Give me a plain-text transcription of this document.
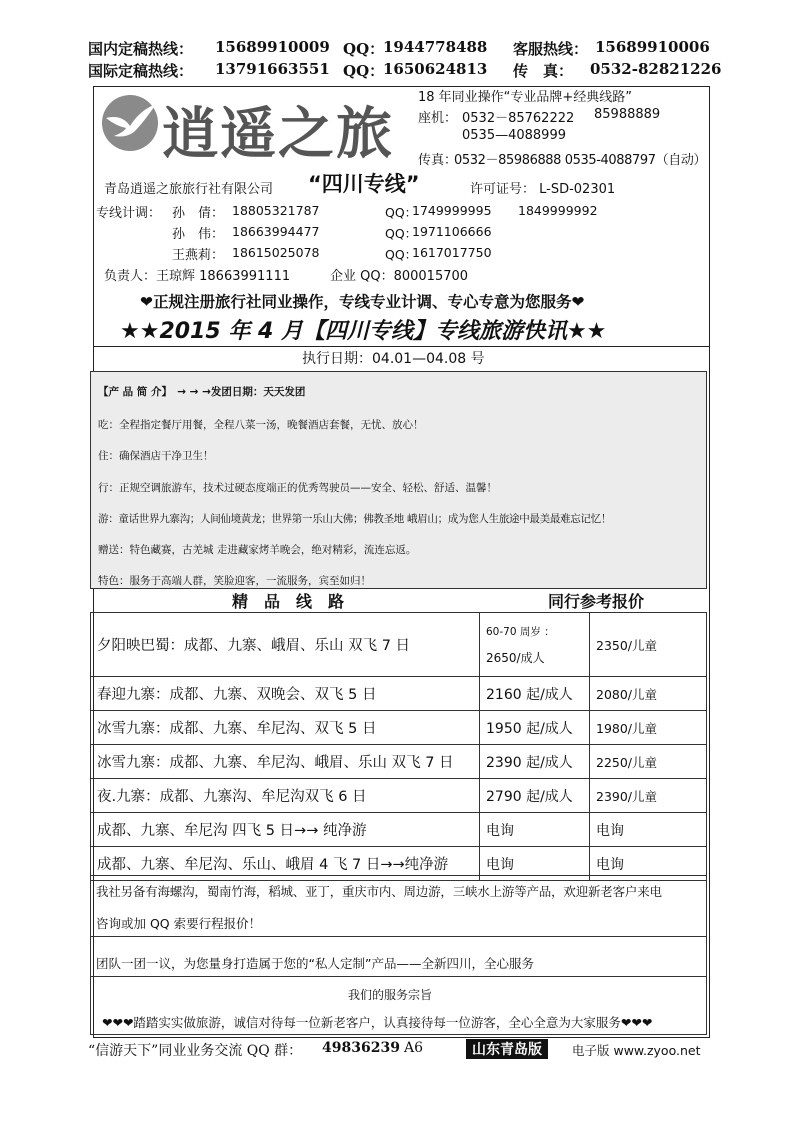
国内定稿热线： 15689910009 QQ：
1944778488 客服热线： 15689910006
国际定稿热线： 13791663551 QQ：
1650624813 传　真： 0532-82821226
逍遥之旅
18 年同业操作“专业品牌+经典线路”
座机： 0532－85762222 85988889
0535—4088999
传真：
0532－85986888 0535-4088797（自动）
青岛逍遥之旅旅行社有限公司 “四川专线”	许可证号： L-SD-02301
专线计调： 孙　倩： 18805321787	QQ：
1749999995 1849999992
孙　伟： 18663994477	QQ：
1971106666
王燕莉： 18615025078	QQ：
1617017750
负责人：王琼辉 18663991111	企业 QQ：800015700
❤正规注册旅行社同业操作，专线专业计调、专心专意为您服务❤
★★2015 年 4 月【四川专线】专线旅游快讯★★
执行日期：04.01—04.08 号
【产 品 简 介】　→ → →发团日期：天天发团
吃：全程指定餐厅用餐，全程八菜一汤，晚餐酒店套餐，无忧、放心！
住：确保酒店干净卫生！
行：正规空调旅游车，技术过硬态度端正的优秀驾驶员——安全、轻松、舒适、温馨！
游：童话世界九寨沟；人间仙境黄龙；世界第一乐山大佛；佛教圣地 峨眉山；成为您人生旅途中最美最难忘记忆！
赠送：特色藏赛，古羌城 走进藏家烤羊晚会，绝对精彩，流连忘返。
特色：服务于高端人群，笑脸迎客，一流服务，宾至如归！
精　品　线　路	同行参考报价	
夕阳映巴蜀：成都、九寨、峨眉、乐山 双飞 7 日	60-70 周岁 ：
2650/成人	2350/儿童
春迎九寨：成都、九寨、双晚会、双飞 5 日	2160 起/成人	2080/儿童
冰雪九寨：成都、九寨、牟尼沟、双飞 5 日	1950 起/成人	1980/儿童
冰雪九寨：成都、九寨、牟尼沟、峨眉、乐山 双飞 7 日	2390 起/成人	2250/儿童
夜.九寨：成都、九寨沟、牟尼沟双飞 6 日	2790 起/成人	2390/儿童
成都、九寨、牟尼沟 四飞 5 日→→ 纯净游	电询	电询
成都、九寨、牟尼沟、乐山、峨眉 4 飞 7 日→→纯净游	电询	电询
我社另备有海螺沟，蜀南竹海，稻城、亚丁，重庆市内、周边游，三峡水上游等产品，欢迎新老客户来电
咨询或加 QQ 索要行程报价！
团队一团一议，为您量身打造属于您的“私人定制”产品——全新四川，全心服务
我们的服务宗旨
❤❤❤踏踏实实做旅游，诚信对待每一位新老客户，认真接待每一位游客，全心全意为大家服务❤❤❤
“信游天下”同业业务交流 QQ 群： 49836239 A6	山东青岛版	电子版 www.zyoo.net
